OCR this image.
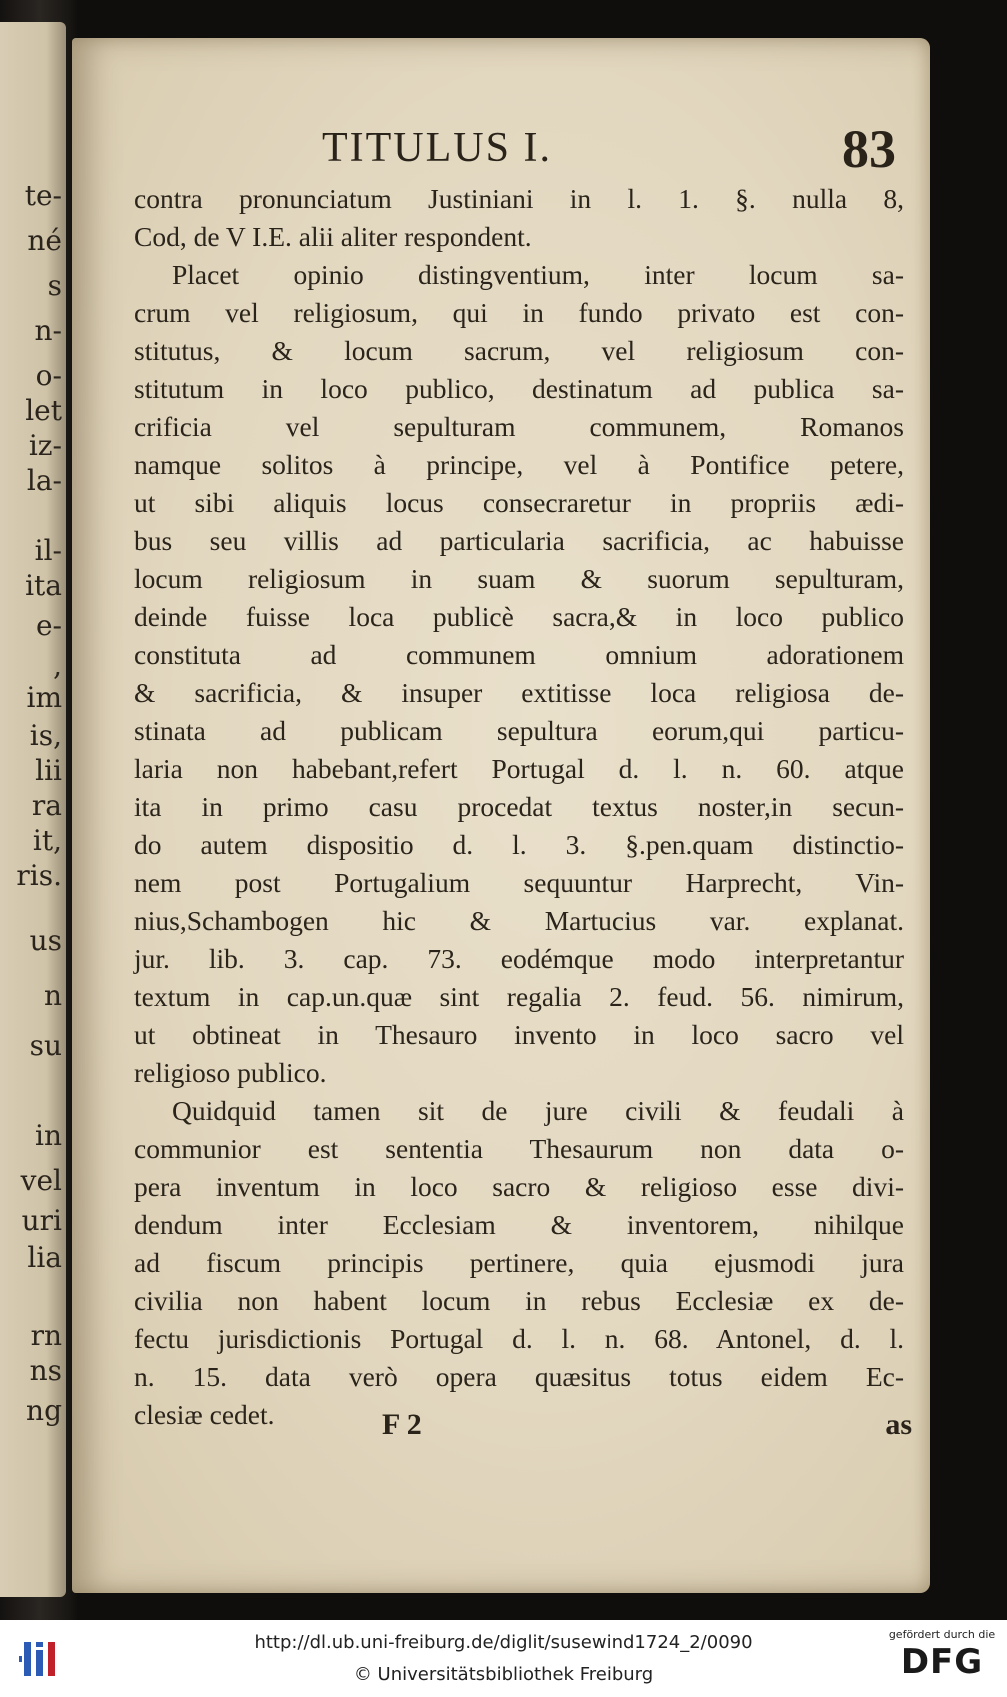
te-
né
s
n-
o-
let
iz-
la-
il-
ita
e-
,
im
is,
lii
ra
it,
ris.
us
n
su
in
vel
uri
lia
rn
ns
ng
TITULUS I.	83
contra pronunciatum Justiniani in l. 1. §. nulla 8,
Cod, de V I.E. alii aliter respondent.
Placet opinio distingventium, inter locum sa-
crum vel religiosum, qui in fundo privato est con-
stitutus, & locum sacrum, vel religiosum con-
stitutum in loco publico, destinatum ad publica sa-
crificia vel sepulturam communem, Romanos
namque solitos à principe, vel à Pontifice petere,
ut sibi aliquis locus consecraretur in propriis ædi-
bus seu villis ad particularia sacrificia, ac habuisse
locum religiosum in suam & suorum sepulturam,
deinde fuisse loca publicè sacra,& in loco publico
constituta ad communem omnium adorationem
& sacrificia, & insuper extitisse loca religiosa de-
stinata ad publicam sepultura eorum,qui particu-
laria non habebant,refert Portugal d. l. n. 60. atque
ita in primo casu procedat textus noster,in secun-
do autem dispositio d. l. 3. §.pen.quam distinctio-
nem post Portugalium sequuntur Harprecht, Vin-
nius,Schambogen hic & Martucius var. explanat.
jur. lib. 3. cap. 73. eodémque modo interpretantur
textum in cap.un.quæ sint regalia 2. feud. 56. nimirum,
ut obtineat in Thesauro invento in loco sacro vel
religioso publico.
Quidquid tamen sit de jure civili & feudali à
communior est sententia Thesaurum non data o-
pera inventum in loco sacro & religioso esse divi-
dendum inter Ecclesiam & inventorem, nihilque
ad fiscum principis pertinere, quia ejusmodi jura
civilia non habent locum in rebus Ecclesiæ ex de-
fectu jurisdictionis Portugal d. l. n. 68. Antonel, d. l.
n. 15. data verò opera quæsitus totus eidem Ec-
clesiæ cedet.	F 2	as
http://dl.ub.uni-freiburg.de/diglit/susewind1724_2/0090
© Universitätsbibliothek Freiburg
gefördert durch die
DFG
